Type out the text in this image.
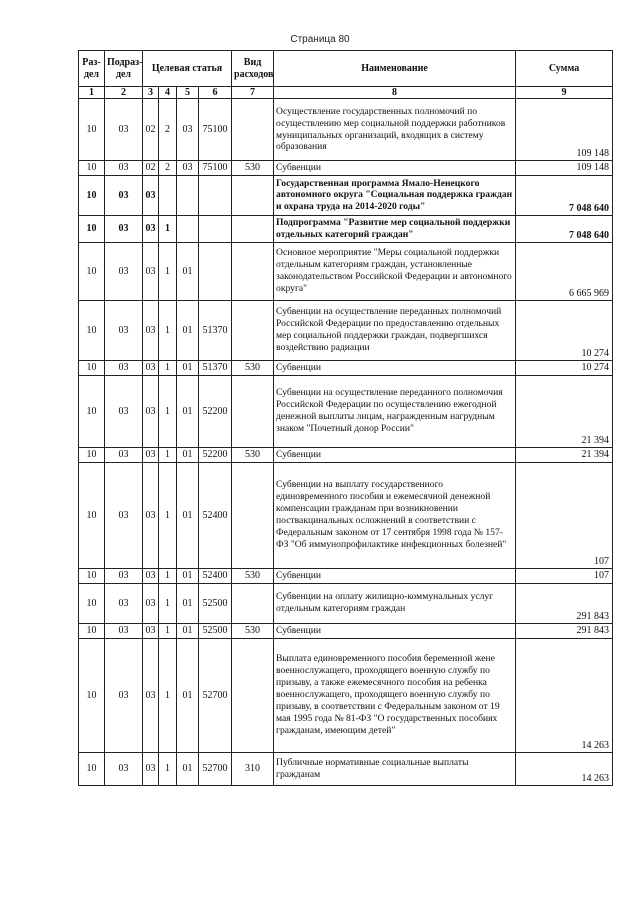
Страница 80
Раз-дел	Подраз-дел	Целевая статья				Вид расходов	Наименование	Сумма
1	2	3	4	5	6	7	8	9
10	03	02	2	03	75100		Осуществление государственных полномочий по осуществлению мер социальной поддержки работников муниципальных организаций, входящих в систему образования	109 148
10	03	02	2	03	75100	530	Субвенции	109 148
10	03	03					Государственная программа Ямало-Ненецкого автономного округа "Социальная поддержка граждан и охрана труда на 2014-2020 годы"	7 048 640
10	03	03	1				Подпрограмма "Развитие мер социальной поддержки отдельных категорий граждан"	7 048 640
10	03	03	1	01			Основное мероприятие "Меры социальной поддержки отдельным категориям граждан, установленные законодательством Российской Федерации и автономного округа"	6 665 969
10	03	03	1	01	51370		Субвенции на осуществление переданных полномочий Российской Федерации по предоставлению отдельных мер социальной поддержки граждан, подвергшихся воздействию радиации	10 274
10	03	03	1	01	51370	530	Субвенции	10 274
10	03	03	1	01	52200		Субвенции на осуществление переданного полномочия Российской Федерации по осуществлению ежегодной денежной выплаты лицам, награжденным нагрудным знаком "Почетный донор России"	21 394
10	03	03	1	01	52200	530	Субвенции	21 394
10	03	03	1	01	52400		Субвенции на выплату государственного единовременного пособия и ежемесячной денежной компенсации гражданам при возникновении поствакцинальных осложнений в соответствии с Федеральным законом от 17 сентября 1998 года № 157-ФЗ "Об иммунопрофилактике инфекционных болезней"	107
10	03	03	1	01	52400	530	Субвенции	107
10	03	03	1	01	52500		Субвенции на оплату жилищно-коммунальных услуг отдельным категориям граждан	291 843
10	03	03	1	01	52500	530	Субвенции	291 843
10	03	03	1	01	52700		Выплата единовременного пособия беременной жене военнослужащего, проходящего военную службу по призыву, а также ежемесячного пособия на ребенка военнослужащего, проходящего военную службу по призыву, в соответствии с Федеральным законом от 19 мая 1995 года № 81-ФЗ "О государственных пособиях гражданам, имеющим детей"	14 263
10	03	03	1	01	52700	310	Публичные нормативные социальные выплаты гражданам	14 263
